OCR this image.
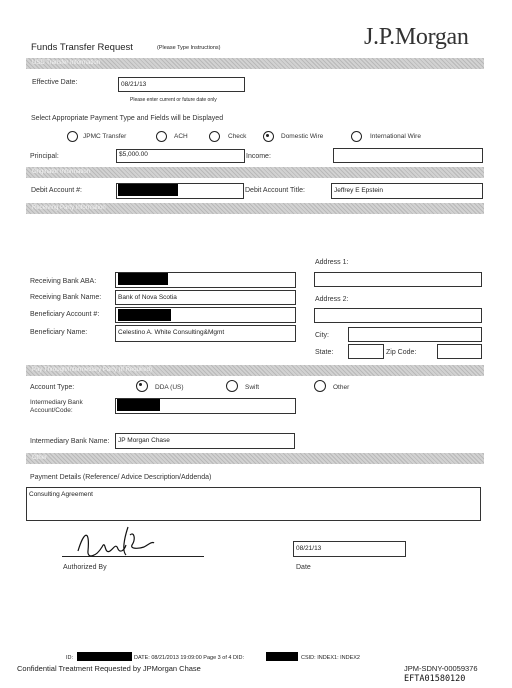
Funds Transfer Request	(Please Type Instructions)	J.P.Morgan
USD Transfer Information
Effective Date:	08/21/13
Please enter current or future date only
Select Appropriate Payment Type and Fields will be Displayed
JPMC Transfer	ACH	Check	Domestic Wire	International Wire
Principal:	$5,000.00	Income:
Originator Information
Debit Account #:	Debit Account Title:	Jeffrey E Epstein
Receiving Party Information
Address 1:
Address 2:
City:
State:	Zip Code:
Receiving Bank ABA:
Receiving Bank Name:	Bank of Nova Scotia
Beneficiary Account #:
Beneficiary Name:	Celestino A. White Consulting&Mgmt
Pay Through/Intermediary Party (If Required)
Account Type:	DDA (US)	Swift	Other
Intermediary Bank
Account/Code:
Intermediary Bank Name:	JP Morgan Chase
Other
Payment Details (Reference/ Advice Description/Addenda)
Consulting Agreement
Authorized By
08/21/13
Date
ID:	DATE: 08/21/2013 19:09:00 Page 3 of 4 DID:	CSID: INDEX1: INDEX2
Confidential Treatment Requested by JPMorgan Chase	JPM-SDNY-00059376
EFTA01580120
